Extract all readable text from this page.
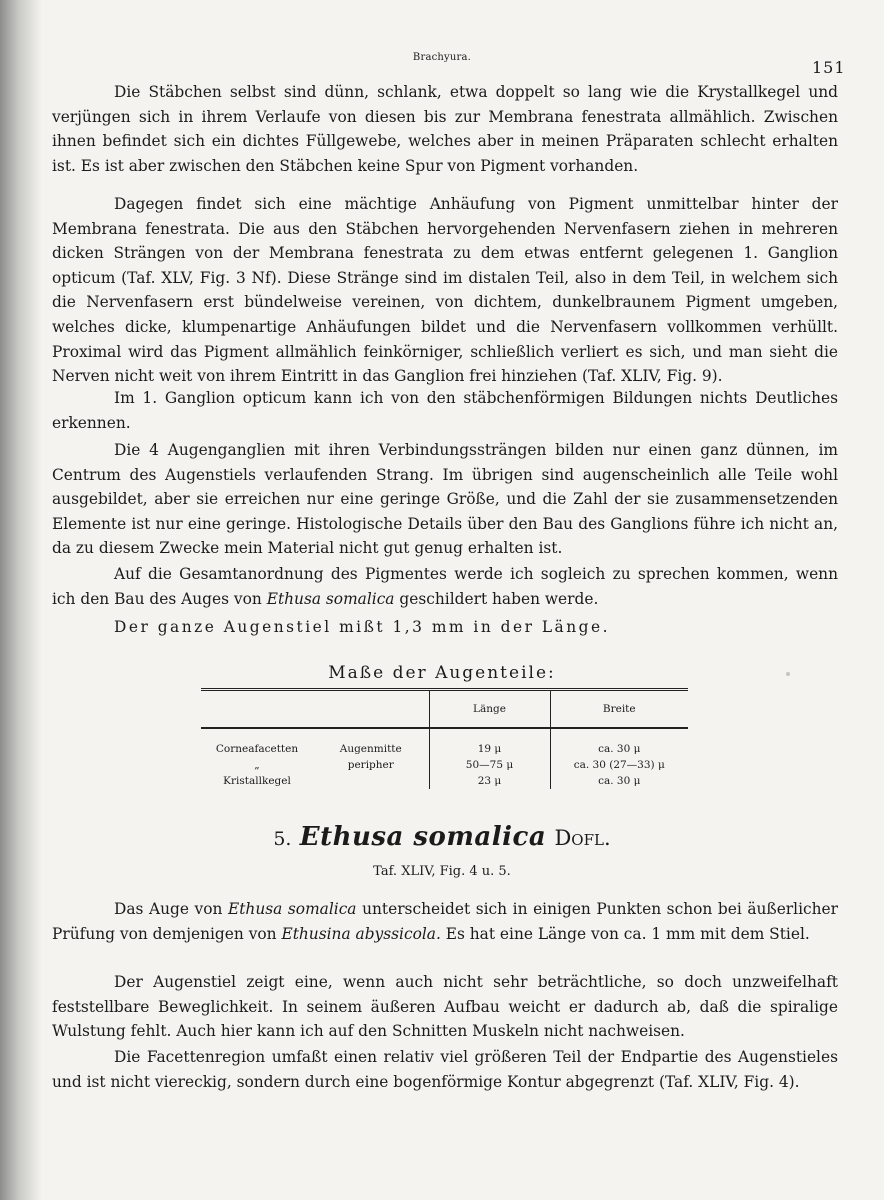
Brachyura.
151

Die Stäbchen selbst sind dünn, schlank, etwa doppelt so lang wie die Krystallkegel und verjüngen sich in ihrem Verlaufe von diesen bis zur Membrana fenestrata allmählich. Zwischen ihnen befindet sich ein dichtes Füllgewebe, welches aber in meinen Präparaten schlecht erhalten ist. Es ist aber zwischen den Stäbchen keine Spur von Pigment vorhanden.

Dagegen findet sich eine mächtige Anhäufung von Pigment unmittelbar hinter der Membrana fenestrata. Die aus den Stäbchen hervorgehenden Nervenfasern ziehen in mehreren dicken Strängen von der Membrana fenestrata zu dem etwas entfernt gelegenen 1. Ganglion opticum (Taf. XLV, Fig. 3 Nf). Diese Stränge sind im distalen Teil, also in dem Teil, in welchem sich die Nervenfasern erst bündelweise vereinen, von dichtem, dunkelbraunem Pigment umgeben, welches dicke, klumpenartige Anhäufungen bildet und die Nervenfasern vollkommen verhüllt. Proximal wird das Pigment allmählich feinkörniger, schließlich verliert es sich, und man sieht die Nerven nicht weit von ihrem Eintritt in das Ganglion frei hinziehen (Taf. XLIV, Fig. 9).

Im 1. Ganglion opticum kann ich von den stäbchenförmigen Bildungen nichts Deutliches erkennen.

Die 4 Augenganglien mit ihren Verbindungssträngen bilden nur einen ganz dünnen, im Centrum des Augenstiels verlaufenden Strang. Im übrigen sind augenscheinlich alle Teile wohl ausgebildet, aber sie erreichen nur eine geringe Größe, und die Zahl der sie zusammensetzenden Elemente ist nur eine geringe. Histologische Details über den Bau des Ganglions führe ich nicht an, da zu diesem Zwecke mein Material nicht gut genug erhalten ist.

Auf die Gesamtanordnung des Pigmentes werde ich sogleich zu sprechen kommen, wenn ich den Bau des Auges von Ethusa somalica geschildert haben werde.

Der ganze Augenstiel mißt 1,3 mm in der Länge.

Maße der Augenteile:
		Länge	Breite
Corneafacetten	Augenmitte	19 μ	ca. 30 μ
„	peripher	50—75 μ	ca. 30 (27—33) μ
Kristallkegel		23 μ	ca. 30 μ
5. Ethusa somalica Dofl.
Taf. XLIV, Fig. 4 u. 5.

Das Auge von Ethusa somalica unterscheidet sich in einigen Punkten schon bei äußerlicher Prüfung von demjenigen von Ethusina abyssicola. Es hat eine Länge von ca. 1 mm mit dem Stiel.

Der Augenstiel zeigt eine, wenn auch nicht sehr beträchtliche, so doch unzweifelhaft feststellbare Beweglichkeit. In seinem äußeren Aufbau weicht er dadurch ab, daß die spiralige Wulstung fehlt. Auch hier kann ich auf den Schnitten Muskeln nicht nachweisen.

Die Facettenregion umfaßt einen relativ viel größeren Teil der Endpartie des Augenstieles und ist nicht viereckig, sondern durch eine bogenförmige Kontur abgegrenzt (Taf. XLIV, Fig. 4).
